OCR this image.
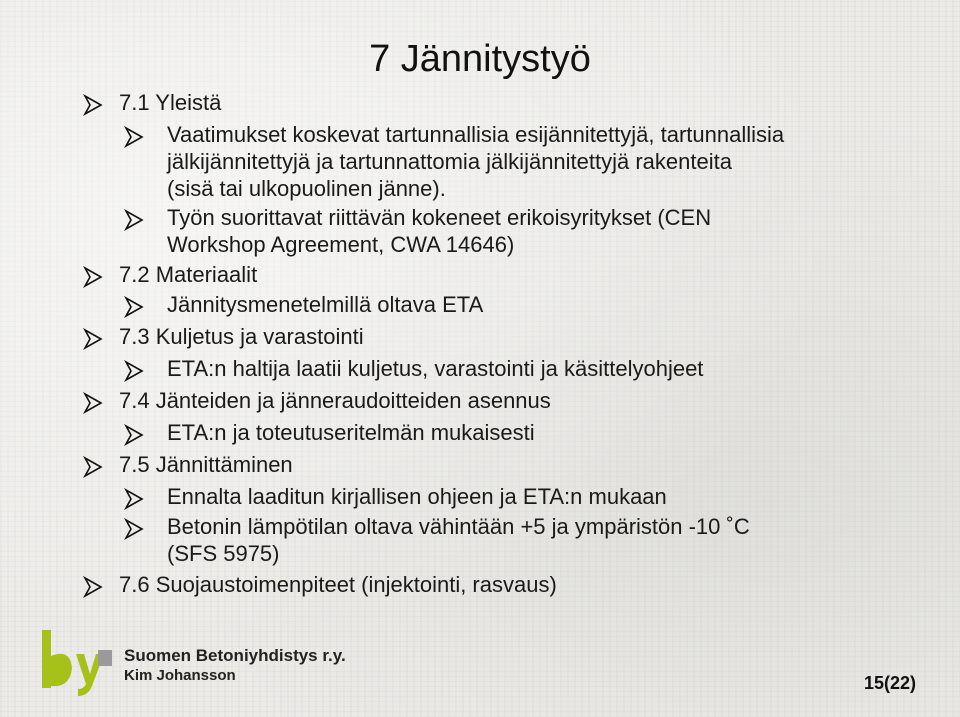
7 Jännitystyö
7.1 Yleistä
Vaatimukset koskevat tartunnallisia esijännitettyjä, tartunnallisia
jälkijännitettyjä ja tartunnattomia jälkijännitettyjä rakenteita
(sisä tai ulkopuolinen jänne).
Työn suorittavat riittävän kokeneet erikoisyritykset (CEN
Workshop Agreement, CWA 14646)
7.2 Materiaalit
Jännitysmenetelmillä oltava ETA
7.3 Kuljetus ja varastointi
ETA:n haltija laatii kuljetus, varastointi ja käsittelyohjeet
7.4 Jänteiden ja jänneraudoitteiden asennus
ETA:n ja toteutuseritelmän mukaisesti
7.5 Jännittäminen
Ennalta laaditun kirjallisen ohjeen ja ETA:n mukaan
Betonin lämpötilan oltava vähintään +5 ja ympäristön -10 ˚C
(SFS 5975)
7.6 Suojaustoimenpiteet (injektointi, rasvaus)
Suomen Betoniyhdistys r.y.
Kim Johansson	15(22)
